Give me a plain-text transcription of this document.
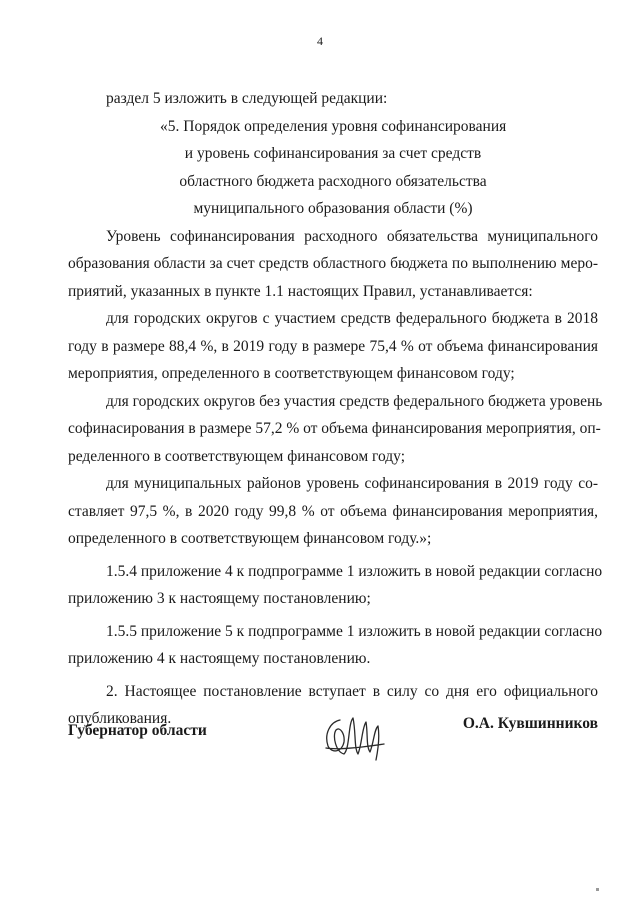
4
раздел 5 изложить в следующей редакции:
«5. Порядок определения уровня софинансирования
и уровень софинансирования за счет средств
областного бюджета расходного обязательства
муниципального образования области (%)
Уровень софинансирования расходного обязательства муниципального
образования области за счет средств областного бюджета по выполнению меро-
приятий, указанных в пункте 1.1 настоящих Правил, устанавливается:
для городских округов с участием средств федерального бюджета в 2018
году в размере 88,4 %, в 2019 году в размере 75,4 % от объема финансирования
мероприятия, определенного в соответствующем финансовом году;
для городских округов без участия средств федерального бюджета уровень
софинасирования в размере 57,2 % от объема финансирования мероприятия, оп-
ределенного в соответствующем финансовом году;
для муниципальных районов уровень софинансирования в 2019 году со-
ставляет 97,5 %, в 2020 году 99,8 % от объема финансирования мероприятия,
определенного в соответствующем финансовом году.»;
1.5.4 приложение 4 к подпрограмме 1 изложить в новой редакции согласно
приложению 3 к настоящему постановлению;
1.5.5 приложение 5 к подпрограмме 1 изложить в новой редакции согласно
приложению 4 к настоящему постановлению.
2. Настоящее постановление вступает в силу со дня его официального
опубликования.
Губернатор области	О.А. Кувшинников
